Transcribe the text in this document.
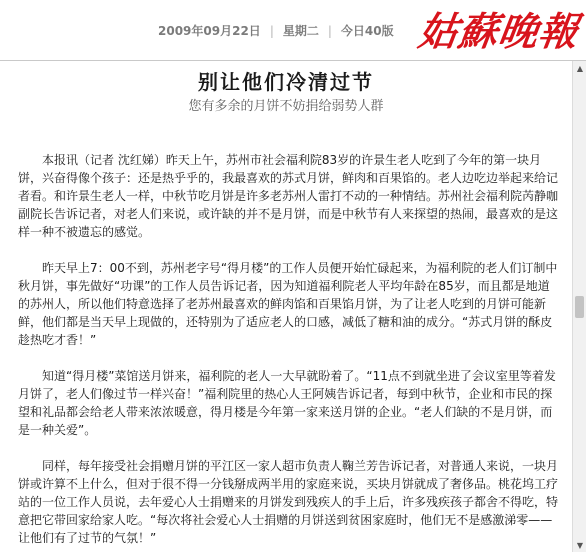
2009年09月22日 | 星期二 | 今日40版 姑蘇晚報
别让他们冷清过节
您有多余的月饼不妨捐给弱势人群

本报讯（记者 沈红娣）昨天上午，苏州市社会福利院83岁的许景生老人吃到了今年的第一块月饼，兴奋得像个孩子：还是热乎乎的，我最喜欢的苏式月饼，鲜肉和百果馅的。老人边吃边举起来给记者看。和许景生老人一样，中秋节吃月饼是许多老苏州人雷打不动的一种情结。苏州社会福利院芮静咖副院长告诉记者，对老人们来说，或许缺的并不是月饼，而是中秋节有人来探望的热闹，最喜欢的是这样一种不被遗忘的感觉。

昨天早上7：00不到，苏州老字号“得月楼”的工作人员便开始忙碌起来，为福利院的老人们订制中秋月饼，事先做好“功课”的工作人员告诉记者，因为知道福利院老人平均年龄在85岁，而且都是地道的苏州人，所以他们特意选择了老苏州最喜欢的鲜肉馅和百果馅月饼，为了让老人吃到的月饼可能新鲜，他们都是当天早上现做的，还特别为了适应老人的口感，减低了糖和油的成分。“苏式月饼的酥皮趁热吃才香！”

知道“得月楼”菜馆送月饼来，福利院的老人一大早就盼着了。“11点不到就坐进了会议室里等着发月饼了，老人们像过节一样兴奋！”福利院里的热心人王阿姨告诉记者，每到中秋节，企业和市民的探望和礼品都会给老人带来浓浓暖意，得月楼是今年第一家来送月饼的企业。“老人们缺的不是月饼，而是一种关爱”。

同样，每年接受社会捐赠月饼的平江区一家人超市负责人鞠兰芳告诉记者，对普通人来说，一块月饼或许算不上什么，但对于很不得一分钱掰成两半用的家庭来说，买块月饼就成了奢侈品。桃花坞工疗站的一位工作人员说，去年爱心人士捐赠来的月饼发到残疾人的手上后，许多残疾孩子都舍不得吃，特意把它带回家给家人吃。“每次将社会爱心人士捐赠的月饼送到贫困家庭时，他们无不是感激涕零——让他们有了过节的气氛！”

▲
▼
